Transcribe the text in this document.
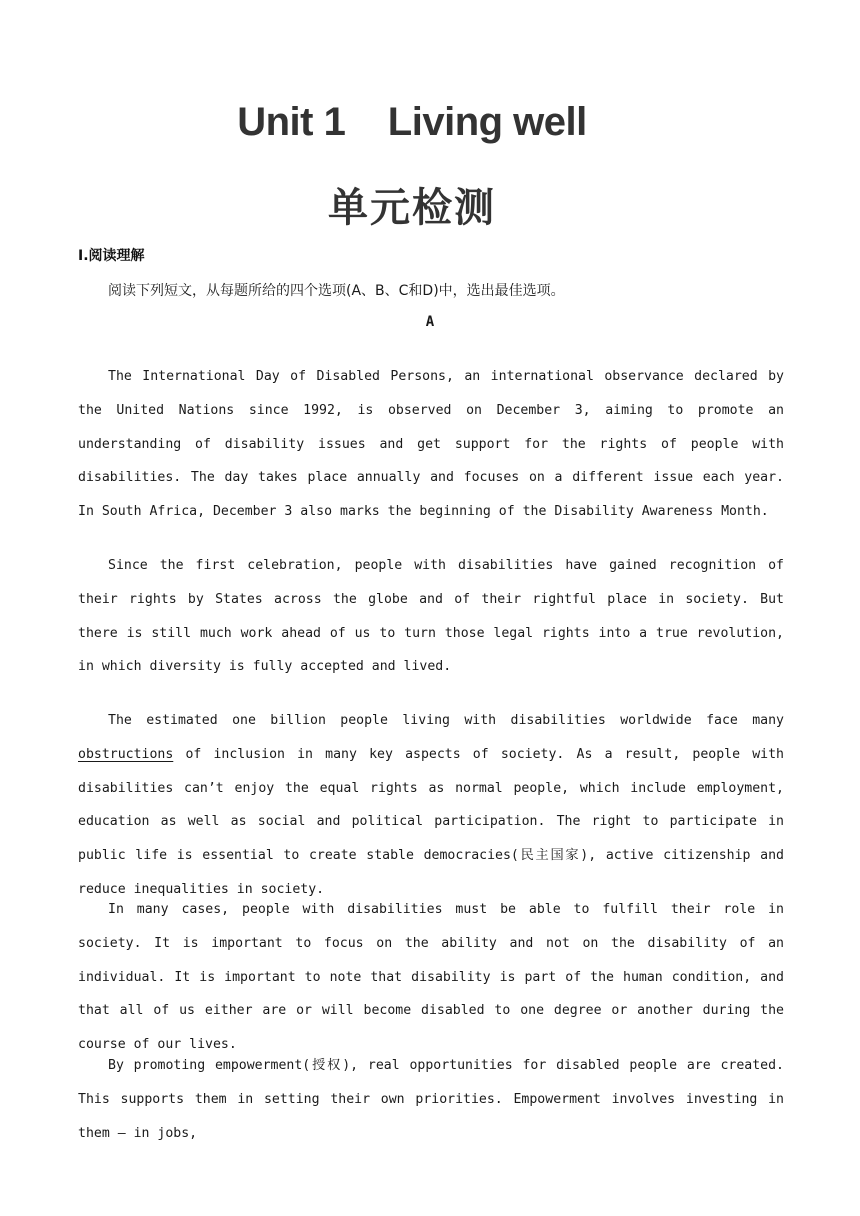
Unit 1    Living well
单元检测
Ⅰ.阅读理解
阅读下列短文，从每题所给的四个选项(A、B、C和D)中，选出最佳选项。
A

The International Day of Disabled Persons, an international observance declared by the United Nations since 1992, is observed on December 3, aiming to promote an understanding of disability issues and get support for the rights of people with disabilities. The day takes place annually and focuses on a different issue each year. In South Africa, December 3 also marks the beginning of the Disability Awareness Month.

Since the first celebration, people with disabilities have gained recognition of their rights by States across the globe and of their rightful place in society. But there is still much work ahead of us to turn those legal rights into a true revolution, in which diversity is fully accepted and lived.

The estimated one billion people living with disabilities worldwide face many obstructions of inclusion in many key aspects of society. As a result, people with disabilities can’t enjoy the equal rights as normal people, which include employment, education as well as social and political participation. The right to participate in public life is essential to create stable democracies(民主国家), active citizenship and reduce inequalities in society.

In many cases, people with disabilities must be able to fulfill their role in society. It is important to focus on the ability and not on the disability of an individual. It is important to note that disability is part of the human condition, and that all of us either are or will become disabled to one degree or another during the course of our lives.

By promoting empowerment(授权), real opportunities for disabled people are created. This supports them in setting their own priorities. Empowerment involves investing in them — in jobs,
